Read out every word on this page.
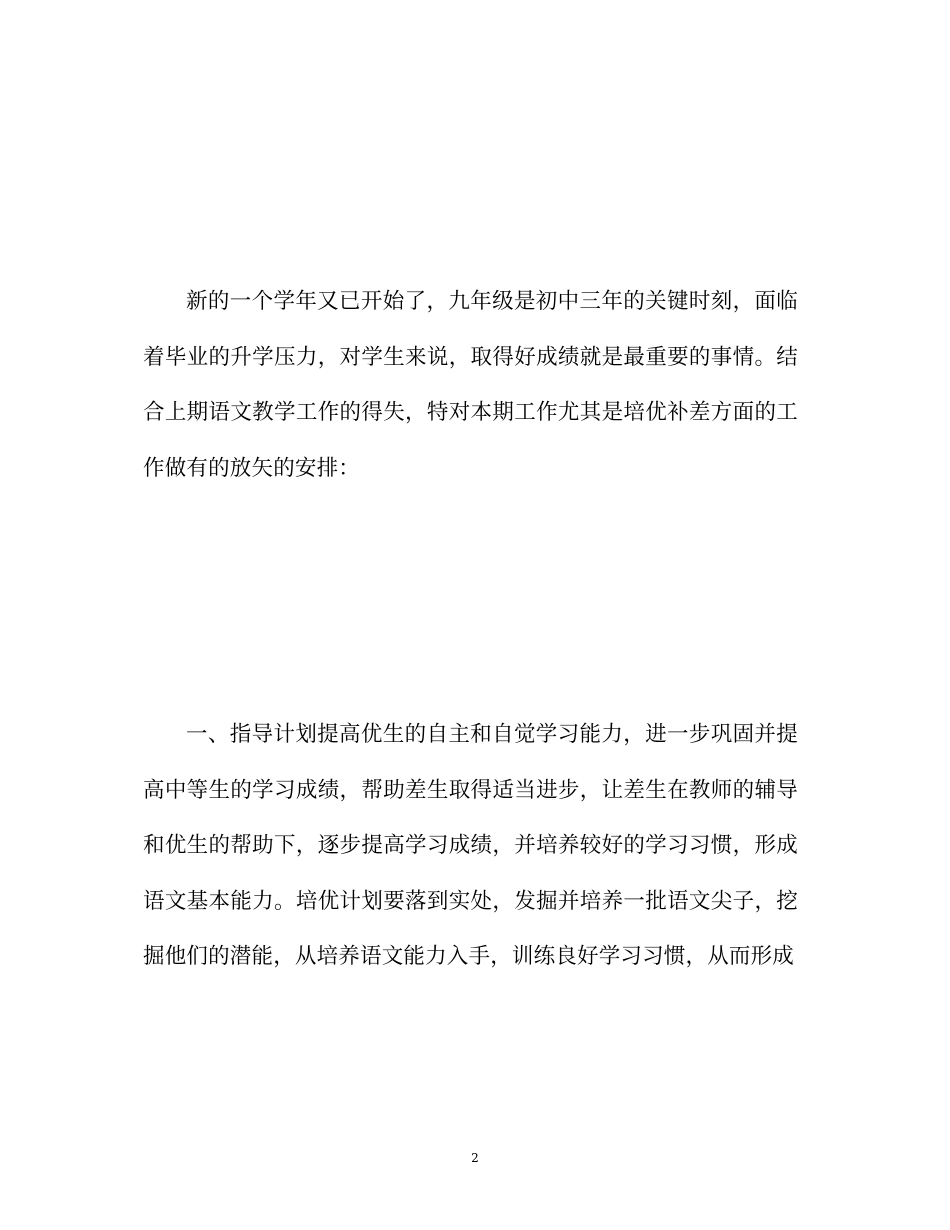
新的一个学年又已开始了，九年级是初中三年的关键时刻，面临着毕业的升学压力，对学生来说，取得好成绩就是最重要的事情。结合上期语文教学工作的得失，特对本期工作尤其是培优补差方面的工作做有的放矢的安排：

一、指导计划提高优生的自主和自觉学习能力，进一步巩固并提高中等生的学习成绩，帮助差生取得适当进步，让差生在教师的辅导和优生的帮助下，逐步提高学习成绩，并培养较好的学习习惯，形成语文基本能力。培优计划要落到实处，发掘并培养一批语文尖子，挖掘他们的潜能，从培养语文能力入手，训练良好学习习惯，从而形成

2
